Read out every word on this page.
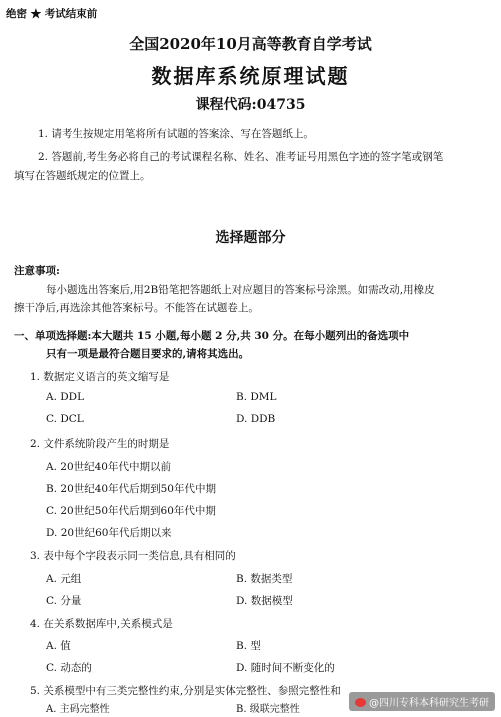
绝密 ★ 考试结束前
全国2020年10月高等教育自学考试
数据库系统原理试题
课程代码:04735
1. 请考生按规定用笔将所有试题的答案涂、写在答题纸上。
2. 答题前,考生务必将自己的考试课程名称、姓名、准考证号用黑色字迹的签字笔或钢笔
填写在答题纸规定的位置上。
选择题部分
注意事项:
每小题选出答案后,用2B铅笔把答题纸上对应题目的答案标号涂黑。如需改动,用橡皮
擦干净后,再选涂其他答案标号。不能答在试题卷上。
一、单项选择题:本大题共 15 小题,每小题 2 分,共 30 分。在每小题列出的备选项中
只有一项是最符合题目要求的,请将其选出。
1. 数据定义语言的英文缩写是
A. DDL	B. DML
C. DCL	D. DDB
2. 文件系统阶段产生的时期是
A. 20世纪40年代中期以前
B. 20世纪40年代后期到50年代中期
C. 20世纪50年代后期到60年代中期
D. 20世纪60年代后期以来
3. 表中每个字段表示同一类信息,具有相同的
A. 元组	B. 数据类型
C. 分量	D. 数据模型
4. 在关系数据库中,关系模式是
A. 值	B. 型
C. 动态的	D. 随时间不断变化的
5. 关系模型中有三类完整性约束,分别是实体完整性、参照完整性和
A. 主码完整性	B. 级联完整性
@四川专科本科研究生考研
